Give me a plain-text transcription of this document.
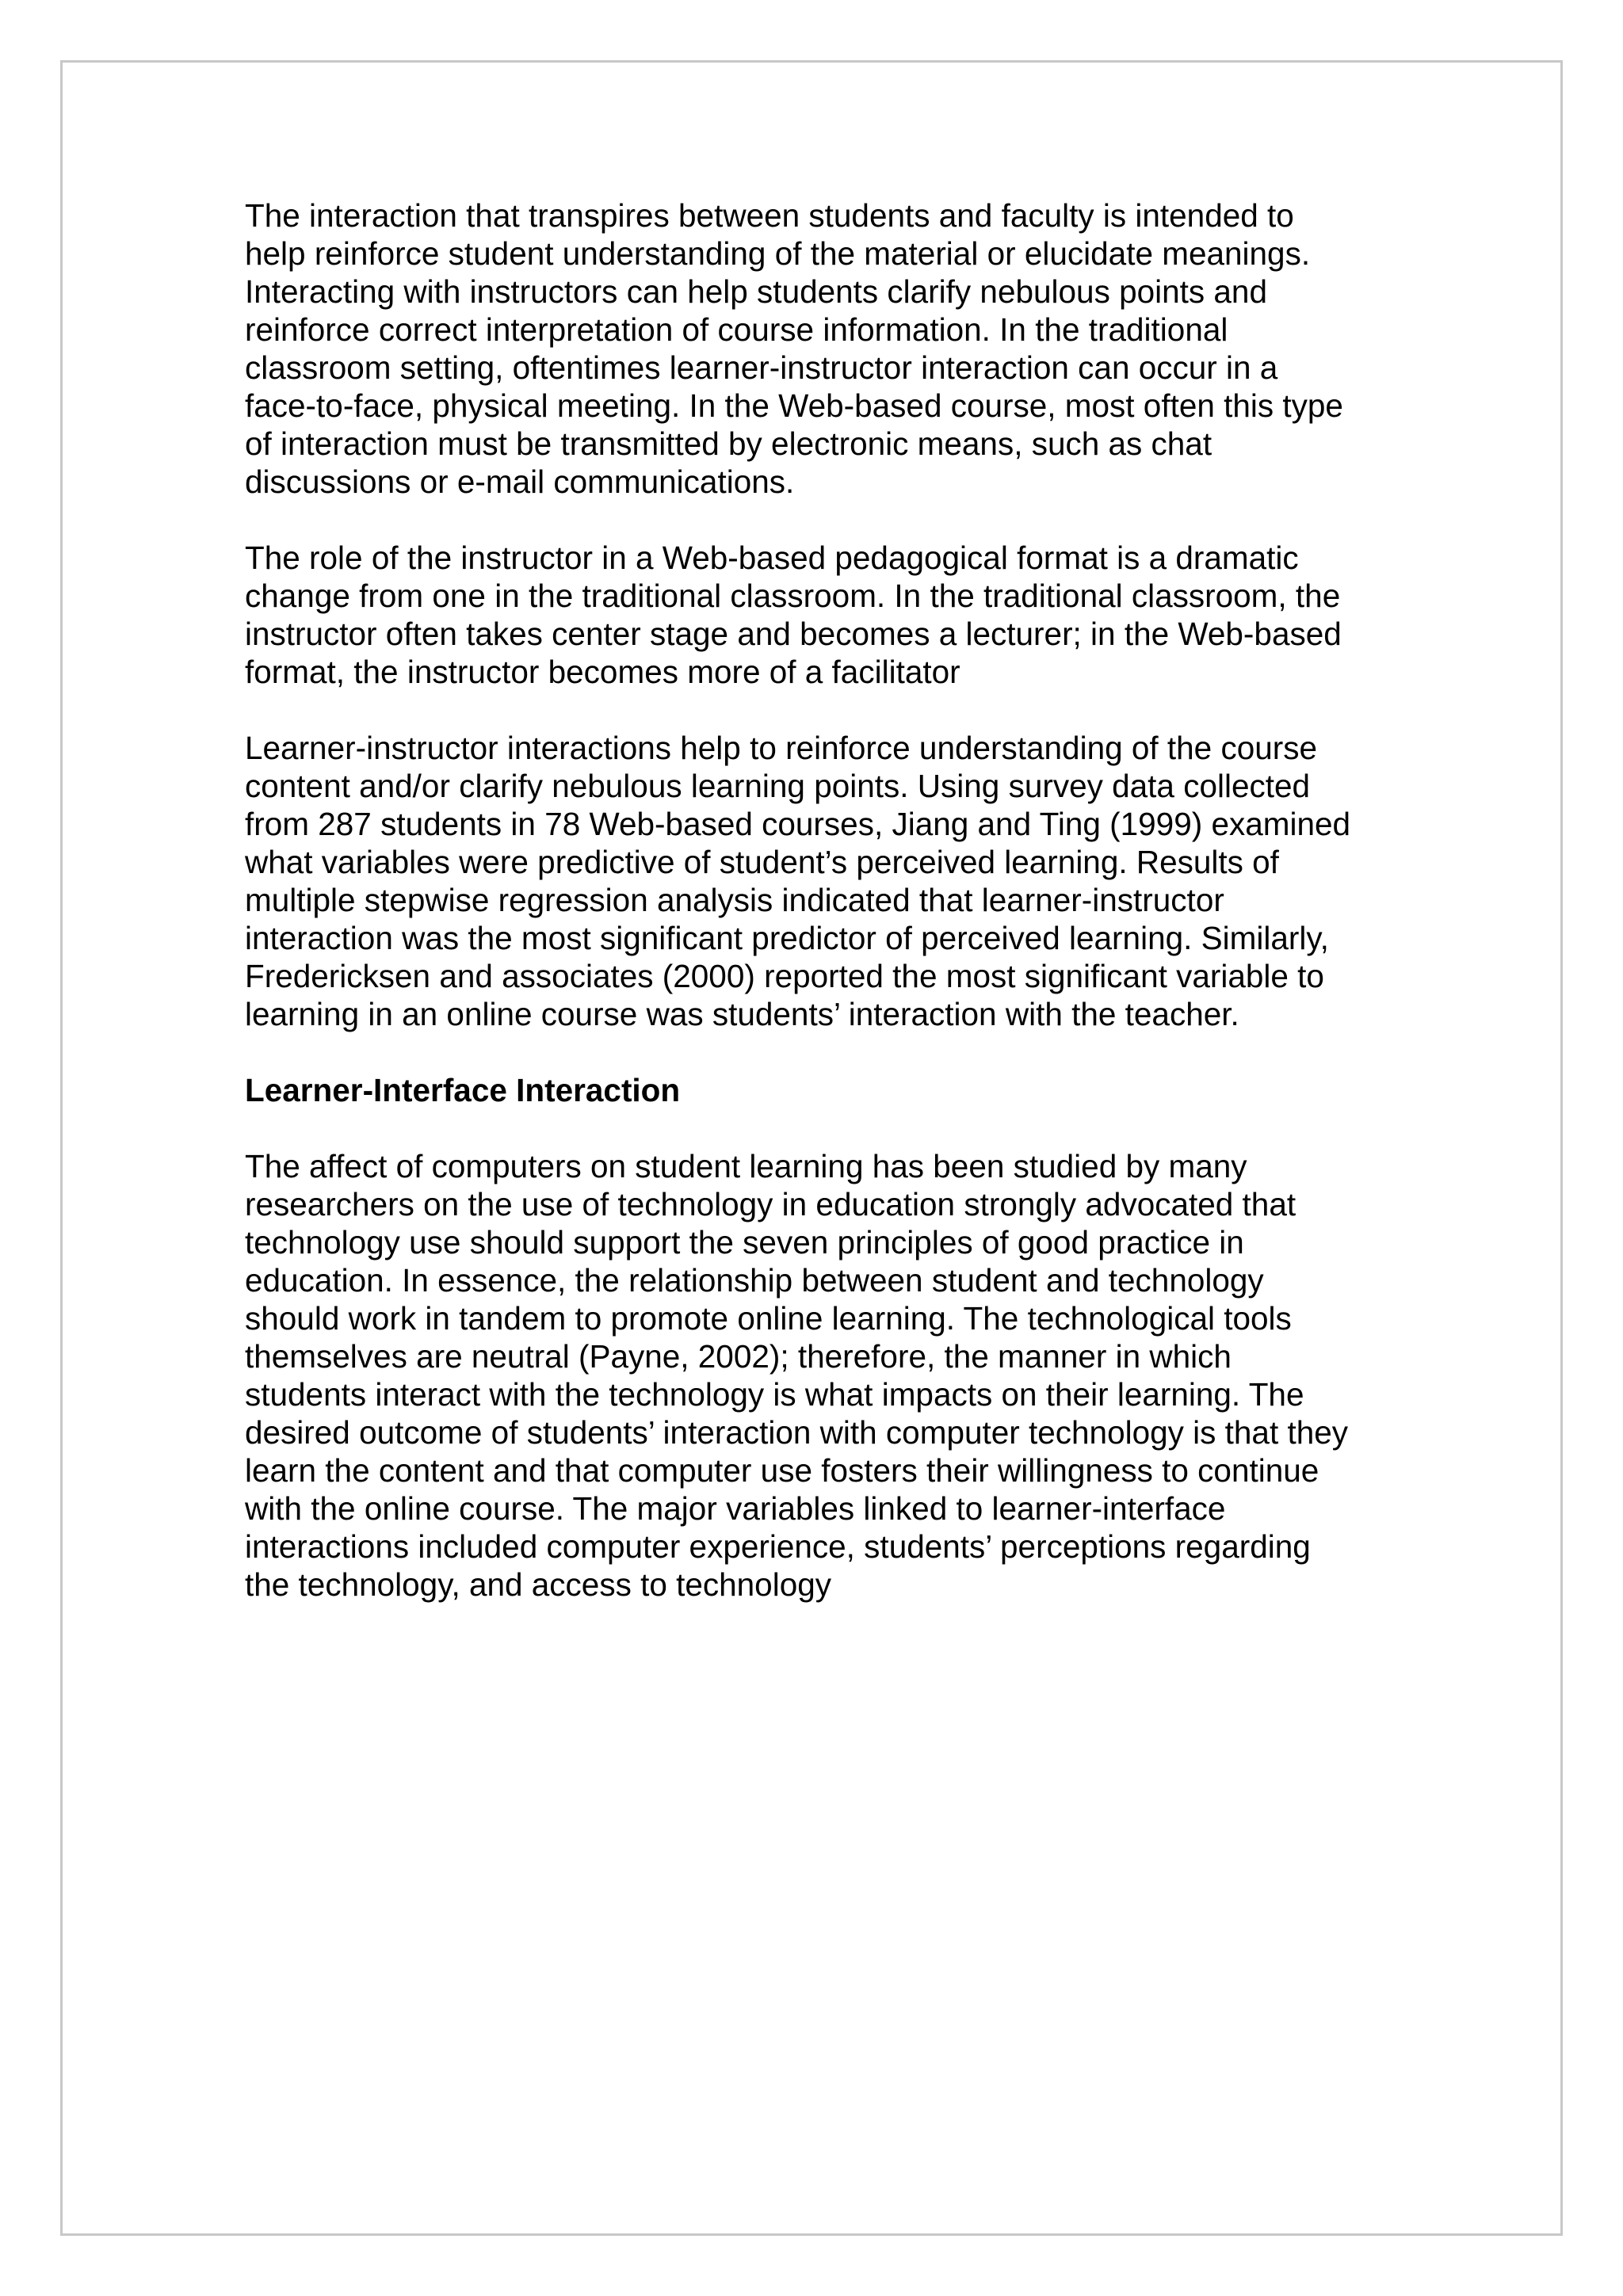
The interaction that transpires between students and faculty is intended to
help reinforce student understanding of the material or elucidate meanings.
Interacting with instructors can help students clarify nebulous points and
reinforce correct interpretation of course information. In the traditional
classroom setting, oftentimes learner-instructor interaction can occur in a
face-to-face, physical meeting. In the Web-based course, most often this type
of interaction must be transmitted by electronic means, such as chat
discussions or e-mail communications.

The role of the instructor in a Web-based pedagogical format is a dramatic
change from one in the traditional classroom. In the traditional classroom, the
instructor often takes center stage and becomes a lecturer; in the Web-based
format, the instructor becomes more of a facilitator

Learner-instructor interactions help to reinforce understanding of the course
content and/or clarify nebulous learning points. Using survey data collected
from 287 students in 78 Web-based courses, Jiang and Ting (1999) examined
what variables were predictive of student’s perceived learning. Results of
multiple stepwise regression analysis indicated that learner-instructor
interaction was the most significant predictor of perceived learning. Similarly,
Fredericksen and associates (2000) reported the most significant variable to
learning in an online course was students’ interaction with the teacher.

Learner-Interface Interaction

The affect of computers on student learning has been studied by many
researchers on the use of technology in education strongly advocated that
technology use should support the seven principles of good practice in
education. In essence, the relationship between student and technology
should work in tandem to promote online learning. The technological tools
themselves are neutral (Payne, 2002); therefore, the manner in which
students interact with the technology is what impacts on their learning. The
desired outcome of students’ interaction with computer technology is that they
learn the content and that computer use fosters their willingness to continue
with the online course. The major variables linked to learner-interface
interactions included computer experience, students’ perceptions regarding
the technology, and access to technology
